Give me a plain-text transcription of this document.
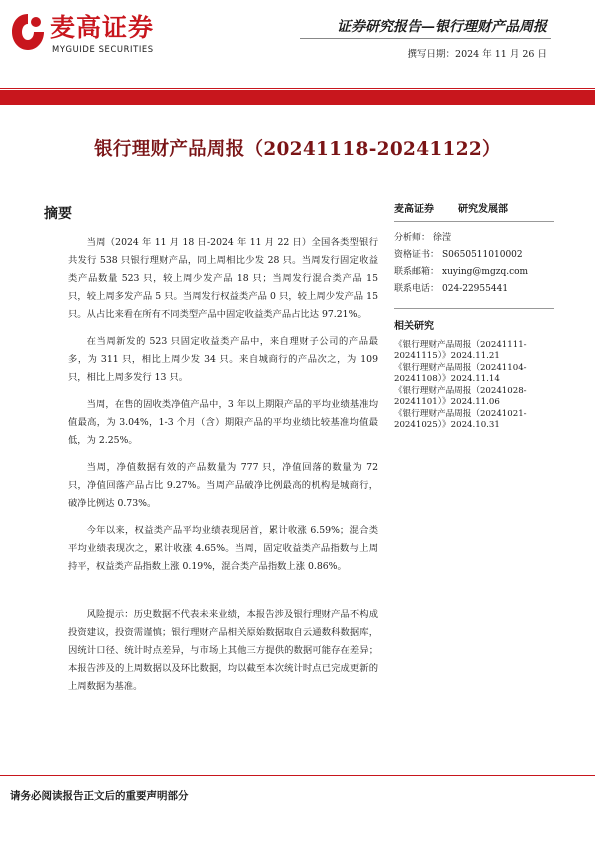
麦高证券
MYGUIDE SECURITIES
证券研究报告—银行理财产品周报
撰写日期：2024 年 11 月 26 日
银行理财产品周报（20241118-20241122）
摘要

当周（2024 年 11 月 18 日-2024 年 11 月 22 日）全国各类型银行共发行 538 只银行理财产品，同上周相比少发 28 只。当周发行固定收益类产品数量 523 只，较上周少发产品 18 只；当周发行混合类产品 15 只，较上周多发产品 5 只。当周发行权益类产品 0 只，较上周少发产品 15 只。从占比来看在所有不同类型产品中固定收益类产品占比达 97.21%。

在当周新发的 523 只固定收益类产品中，来自理财子公司的产品最多，为 311 只，相比上周少发 34 只。来自城商行的产品次之，为 109 只，相比上周多发行 13 只。

当周，在售的固收类净值产品中，3 年以上期限产品的平均业绩基准均值最高，为 3.04%，1-3 个月（含）期限产品的平均业绩比较基准均值最低，为 2.25%。

当周，净值数据有效的产品数量为 777 只，净值回落的数量为 72 只，净值回落产品占比 9.27%。当周产品破净比例最高的机构是城商行，破净比例达 0.73%。

今年以来，权益类产品平均业绩表现居首，累计收涨 6.59%；混合类平均业绩表现次之，累计收涨 4.65%。当周，固定收益类产品指数与上周持平，权益类产品指数上涨 0.19%，混合类产品指数上涨 0.86%。

风险提示：历史数据不代表未来业绩，本报告涉及银行理财产品不构成投资建议，投资需谨慎；银行理财产品相关原始数据取自云通数科数据库，因统计口径、统计时点差异，与市场上其他三方提供的数据可能存在差异；本报告涉及的上周数据以及环比数据，均以截至本次统计时点已完成更新的上周数据为基准。

麦高证券 研究发展部
分析师： 徐滢
资格证书： S0650511010002
联系邮箱： xuying@mgzq.com
联系电话： 024-22955441
相关研究
《银行理财产品周报（20241111-20241115）》2024.11.21
《银行理财产品周报（20241104-20241108）》2024.11.14
《银行理财产品周报（20241028-20241101）》2024.11.06
《银行理财产品周报（20241021-20241025）》2024.10.31
请务必阅读报告正文后的重要声明部分
